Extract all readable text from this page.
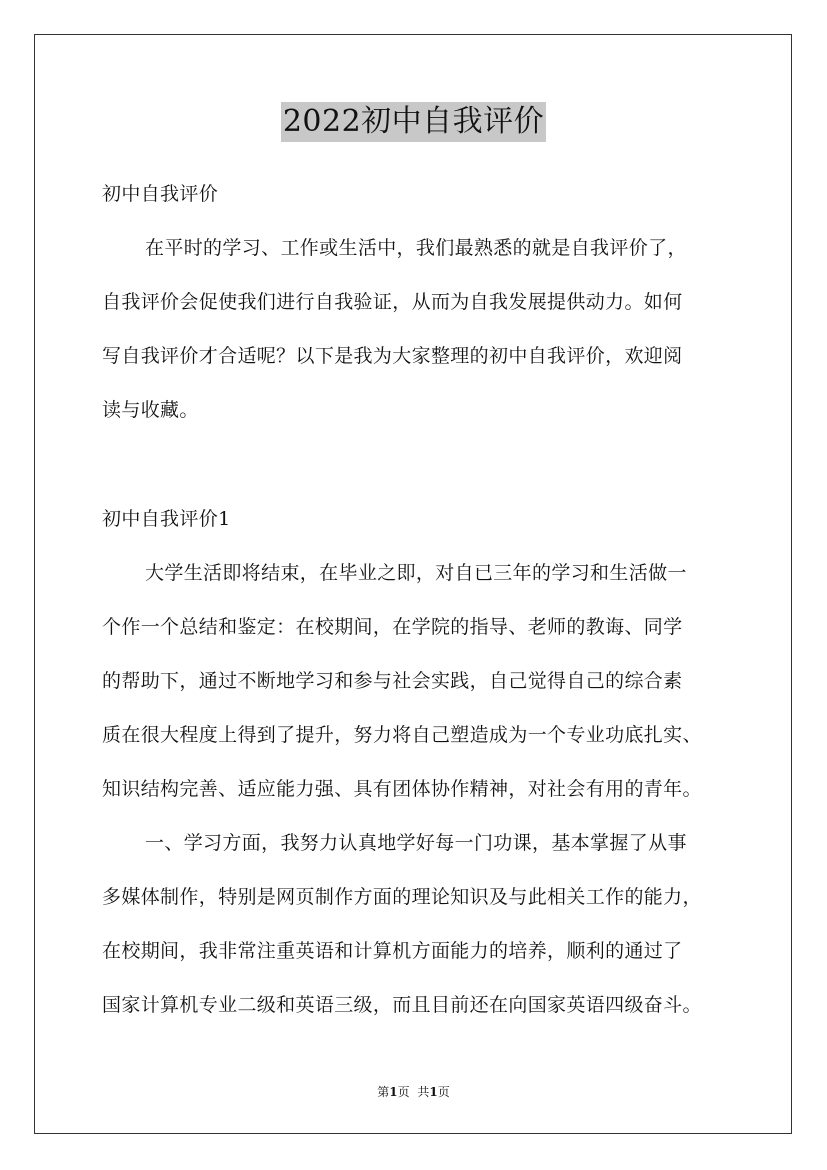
2022初中自我评价
初中自我评价
在平时的学习、工作或生活中，我们最熟悉的就是自我评价了，
自我评价会促使我们进行自我验证，从而为自我发展提供动力。如何
写自我评价才合适呢？以下是我为大家整理的初中自我评价，欢迎阅
读与收藏。
初中自我评价1
大学生活即将结束，在毕业之即，对自已三年的学习和生活做一
个作一个总结和鉴定：在校期间，在学院的指导、老师的教诲、同学
的帮助下，通过不断地学习和参与社会实践，自己觉得自己的综合素
质在很大程度上得到了提升，努力将自己塑造成为一个专业功底扎实、
知识结构完善、适应能力强、具有团体协作精神，对社会有用的青年。
一、学习方面，我努力认真地学好每一门功课，基本掌握了从事
多媒体制作，特别是网页制作方面的理论知识及与此相关工作的能力，
在校期间，我非常注重英语和计算机方面能力的培养，顺利的通过了
国家计算机专业二级和英语三级，而且目前还在向国家英语四级奋斗。
第1页 共1页
